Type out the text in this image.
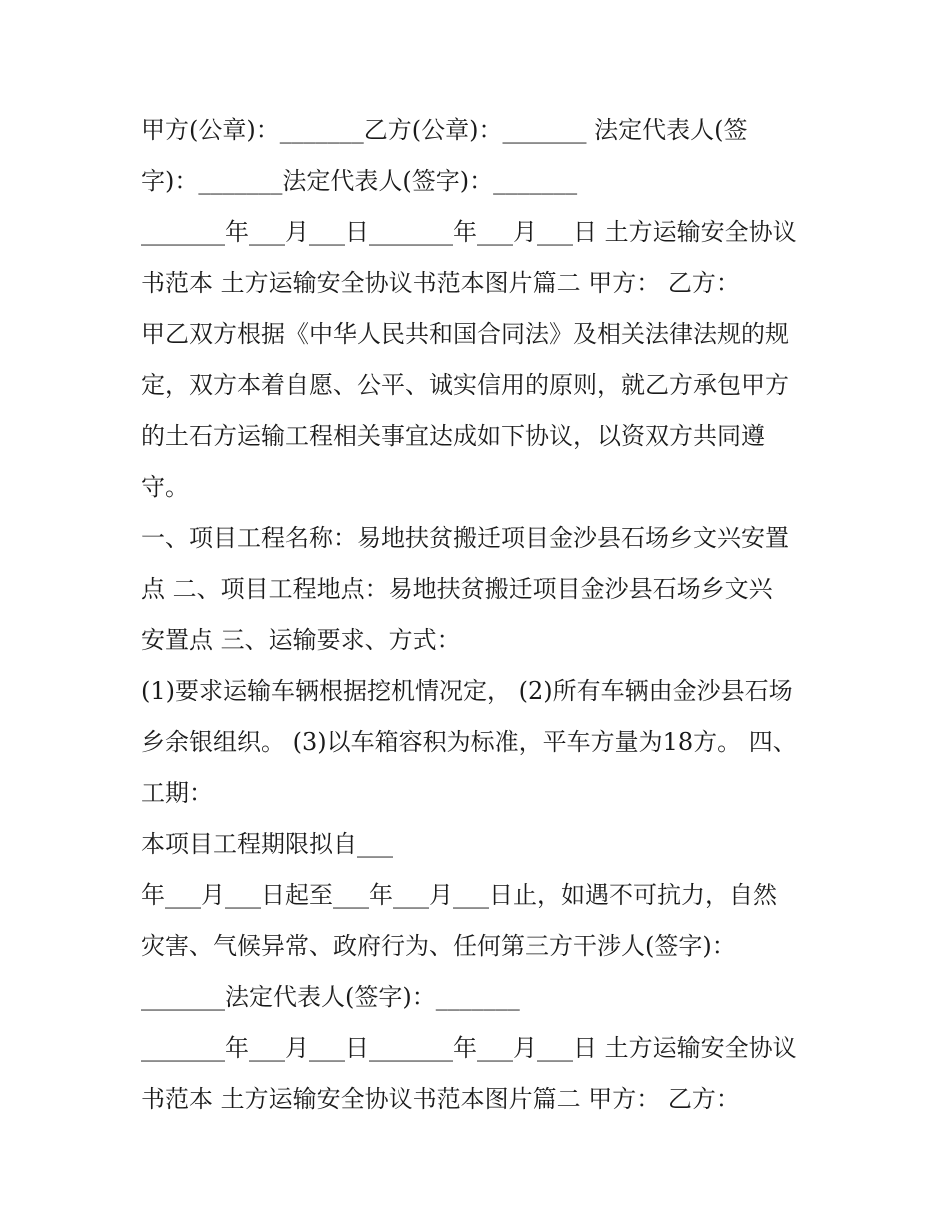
甲方(公章)：_______乙方(公章)：_______ 法定代表人(签
字)：_______法定代表人(签字)：_______
_______年___月___日_______年___月___日 土方运输安全协议
书范本 土方运输安全协议书范本图片篇二 甲方： 乙方：
甲乙双方根据《中华人民共和国合同法》及相关法律法规的规
定，双方本着自愿、公平、诚实信用的原则，就乙方承包甲方
的土石方运输工程相关事宜达成如下协议，以资双方共同遵
守。
一、项目工程名称：易地扶贫搬迁项目金沙县石场乡文兴安置
点 二、项目工程地点：易地扶贫搬迁项目金沙县石场乡文兴
安置点 三、运输要求、方式：
(1)要求运输车辆根据挖机情况定， (2)所有车辆由金沙县石场
乡余银组织。 (3)以车箱容积为标准，平车方量为18方。 四、
工期：
本项目工程期限拟自___
年___月___日起至___年___月___日止，如遇不可抗力，自然
灾害、气候异常、政府行为、任何第三方干涉人(签字)：
_______法定代表人(签字)：_______
_______年___月___日_______年___月___日 土方运输安全协议
书范本 土方运输安全协议书范本图片篇二 甲方： 乙方：
